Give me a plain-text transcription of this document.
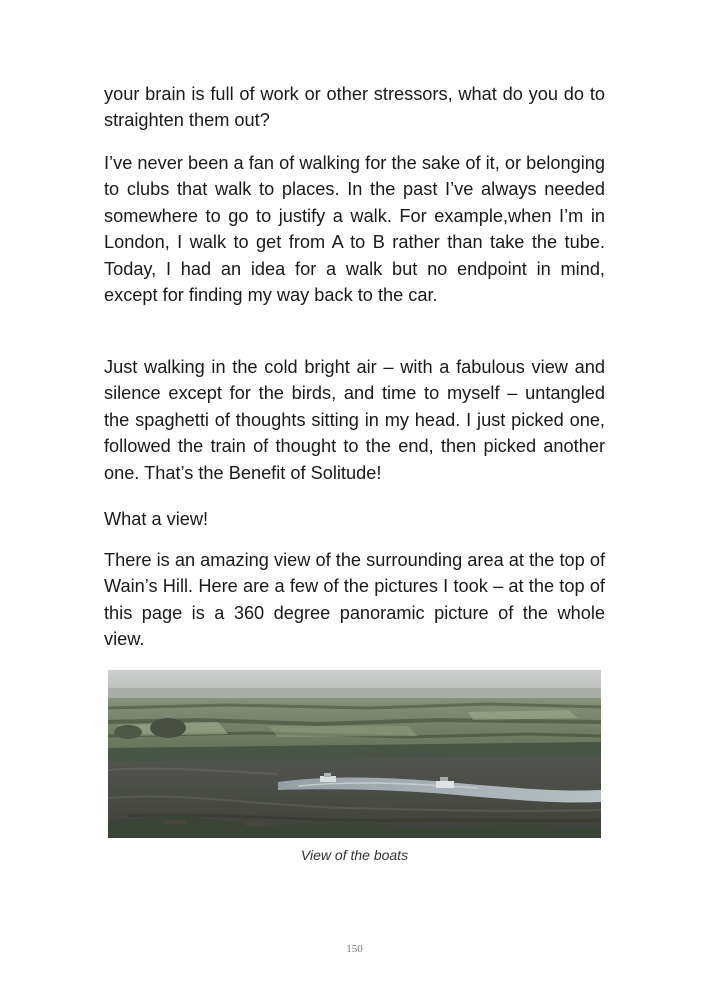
your brain is full of work or other stressors, what do you do to straighten them out?

I’ve never been a fan of walking for the sake of it, or belonging to clubs that walk to places. In the past I’ve always needed somewhere to go to justify a walk. For example,when I’m in London, I walk to get from A to B rather than take the tube. Today, I had an idea for a walk but no endpoint in mind, except for finding my way back to the car.

Just walking in the cold bright air – with a fabulous view and silence except for the birds, and time to myself – untangled the spaghetti of thoughts sitting in my head. I just picked one, followed the train of thought to the end, then picked another one. That’s the Benefit of Solitude!

What a view!

There is an amazing view of the surrounding area at the top of Wain’s Hill. Here are a few of the pictures I took – at the top of this page is a 360 degree panoramic picture of the whole view.

View of the boats
150
